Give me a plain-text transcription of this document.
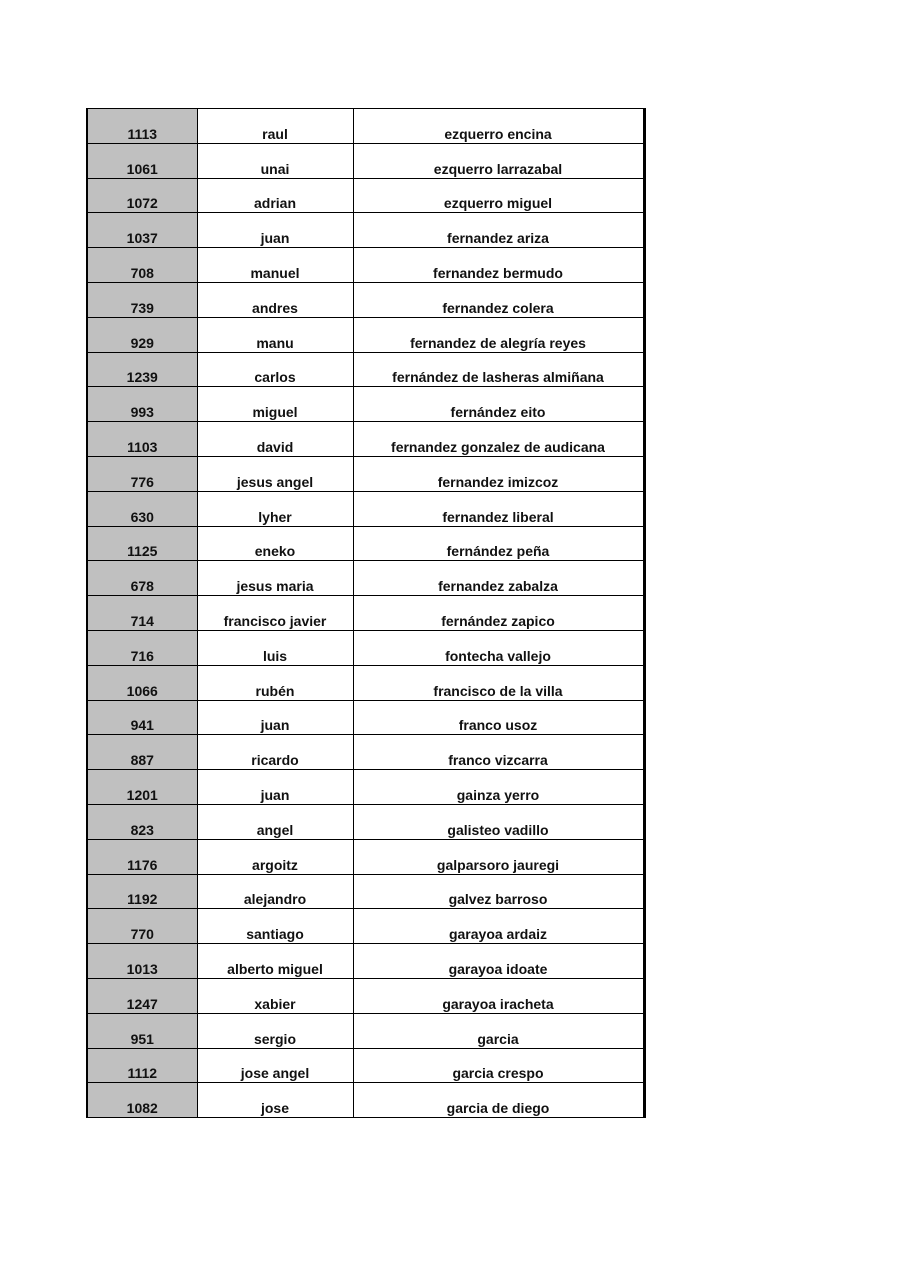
1113	raul	ezquerro encina
1061	unai	ezquerro larrazabal
1072	adrian	ezquerro miguel
1037	juan	fernandez ariza
708	manuel	fernandez bermudo
739	andres	fernandez colera
929	manu	fernandez de alegría reyes
1239	carlos	fernández de lasheras almiñana
993	miguel	fernández eito
1103	david	fernandez gonzalez de audicana
776	jesus angel	fernandez imizcoz
630	lyher	fernandez liberal
1125	eneko	fernández peña
678	jesus maria	fernandez zabalza
714	francisco javier	fernández zapico
716	luis	fontecha vallejo
1066	rubén	francisco de la villa
941	juan	franco usoz
887	ricardo	franco vizcarra
1201	juan	gainza yerro
823	angel	galisteo vadillo
1176	argoitz	galparsoro jauregi
1192	alejandro	galvez barroso
770	santiago	garayoa ardaiz
1013	alberto miguel	garayoa idoate
1247	xabier	garayoa iracheta
951	sergio	garcia
1112	jose angel	garcia crespo
1082	jose	garcia de diego
